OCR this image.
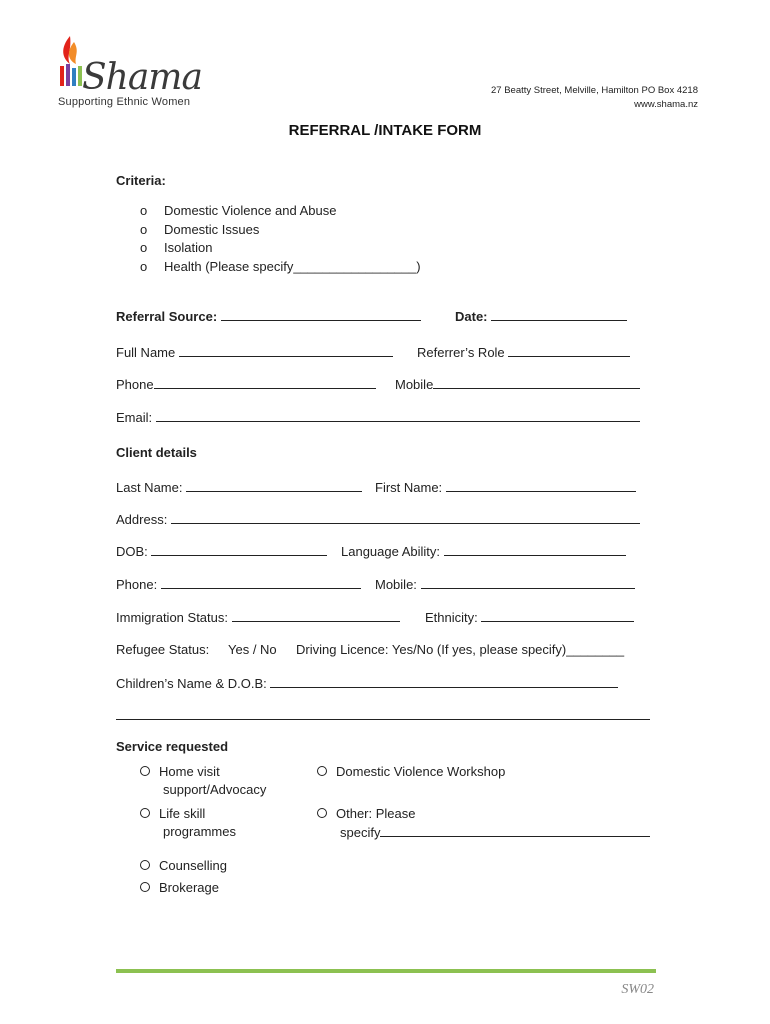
Shama
Supporting Ethnic Women
27 Beatty Street, Melville, Hamilton PO Box 4218
www.shama.nz
REFERRAL /INTAKE FORM
Criteria:
o Domestic Violence and Abuse
o Domestic Issues
o Isolation
o Health (Please specify_________________)
Referral Source:	Date:
Full Name	Referrer’s Role
Phone	Mobile
Email:
Client details
Last Name:	First Name:
Address:
DOB:	Language Ability:
Phone:	Mobile:
Immigration Status:	Ethnicity:
Refugee Status: Yes / No Driving Licence: Yes/No (If yes, please specify)________
Children’s Name & D.O.B:
Service requested
Home visit
support/Advocacy
Domestic Violence Workshop
Life skill
programmes
Other: Please
specify
Counselling
Brokerage
SW02
